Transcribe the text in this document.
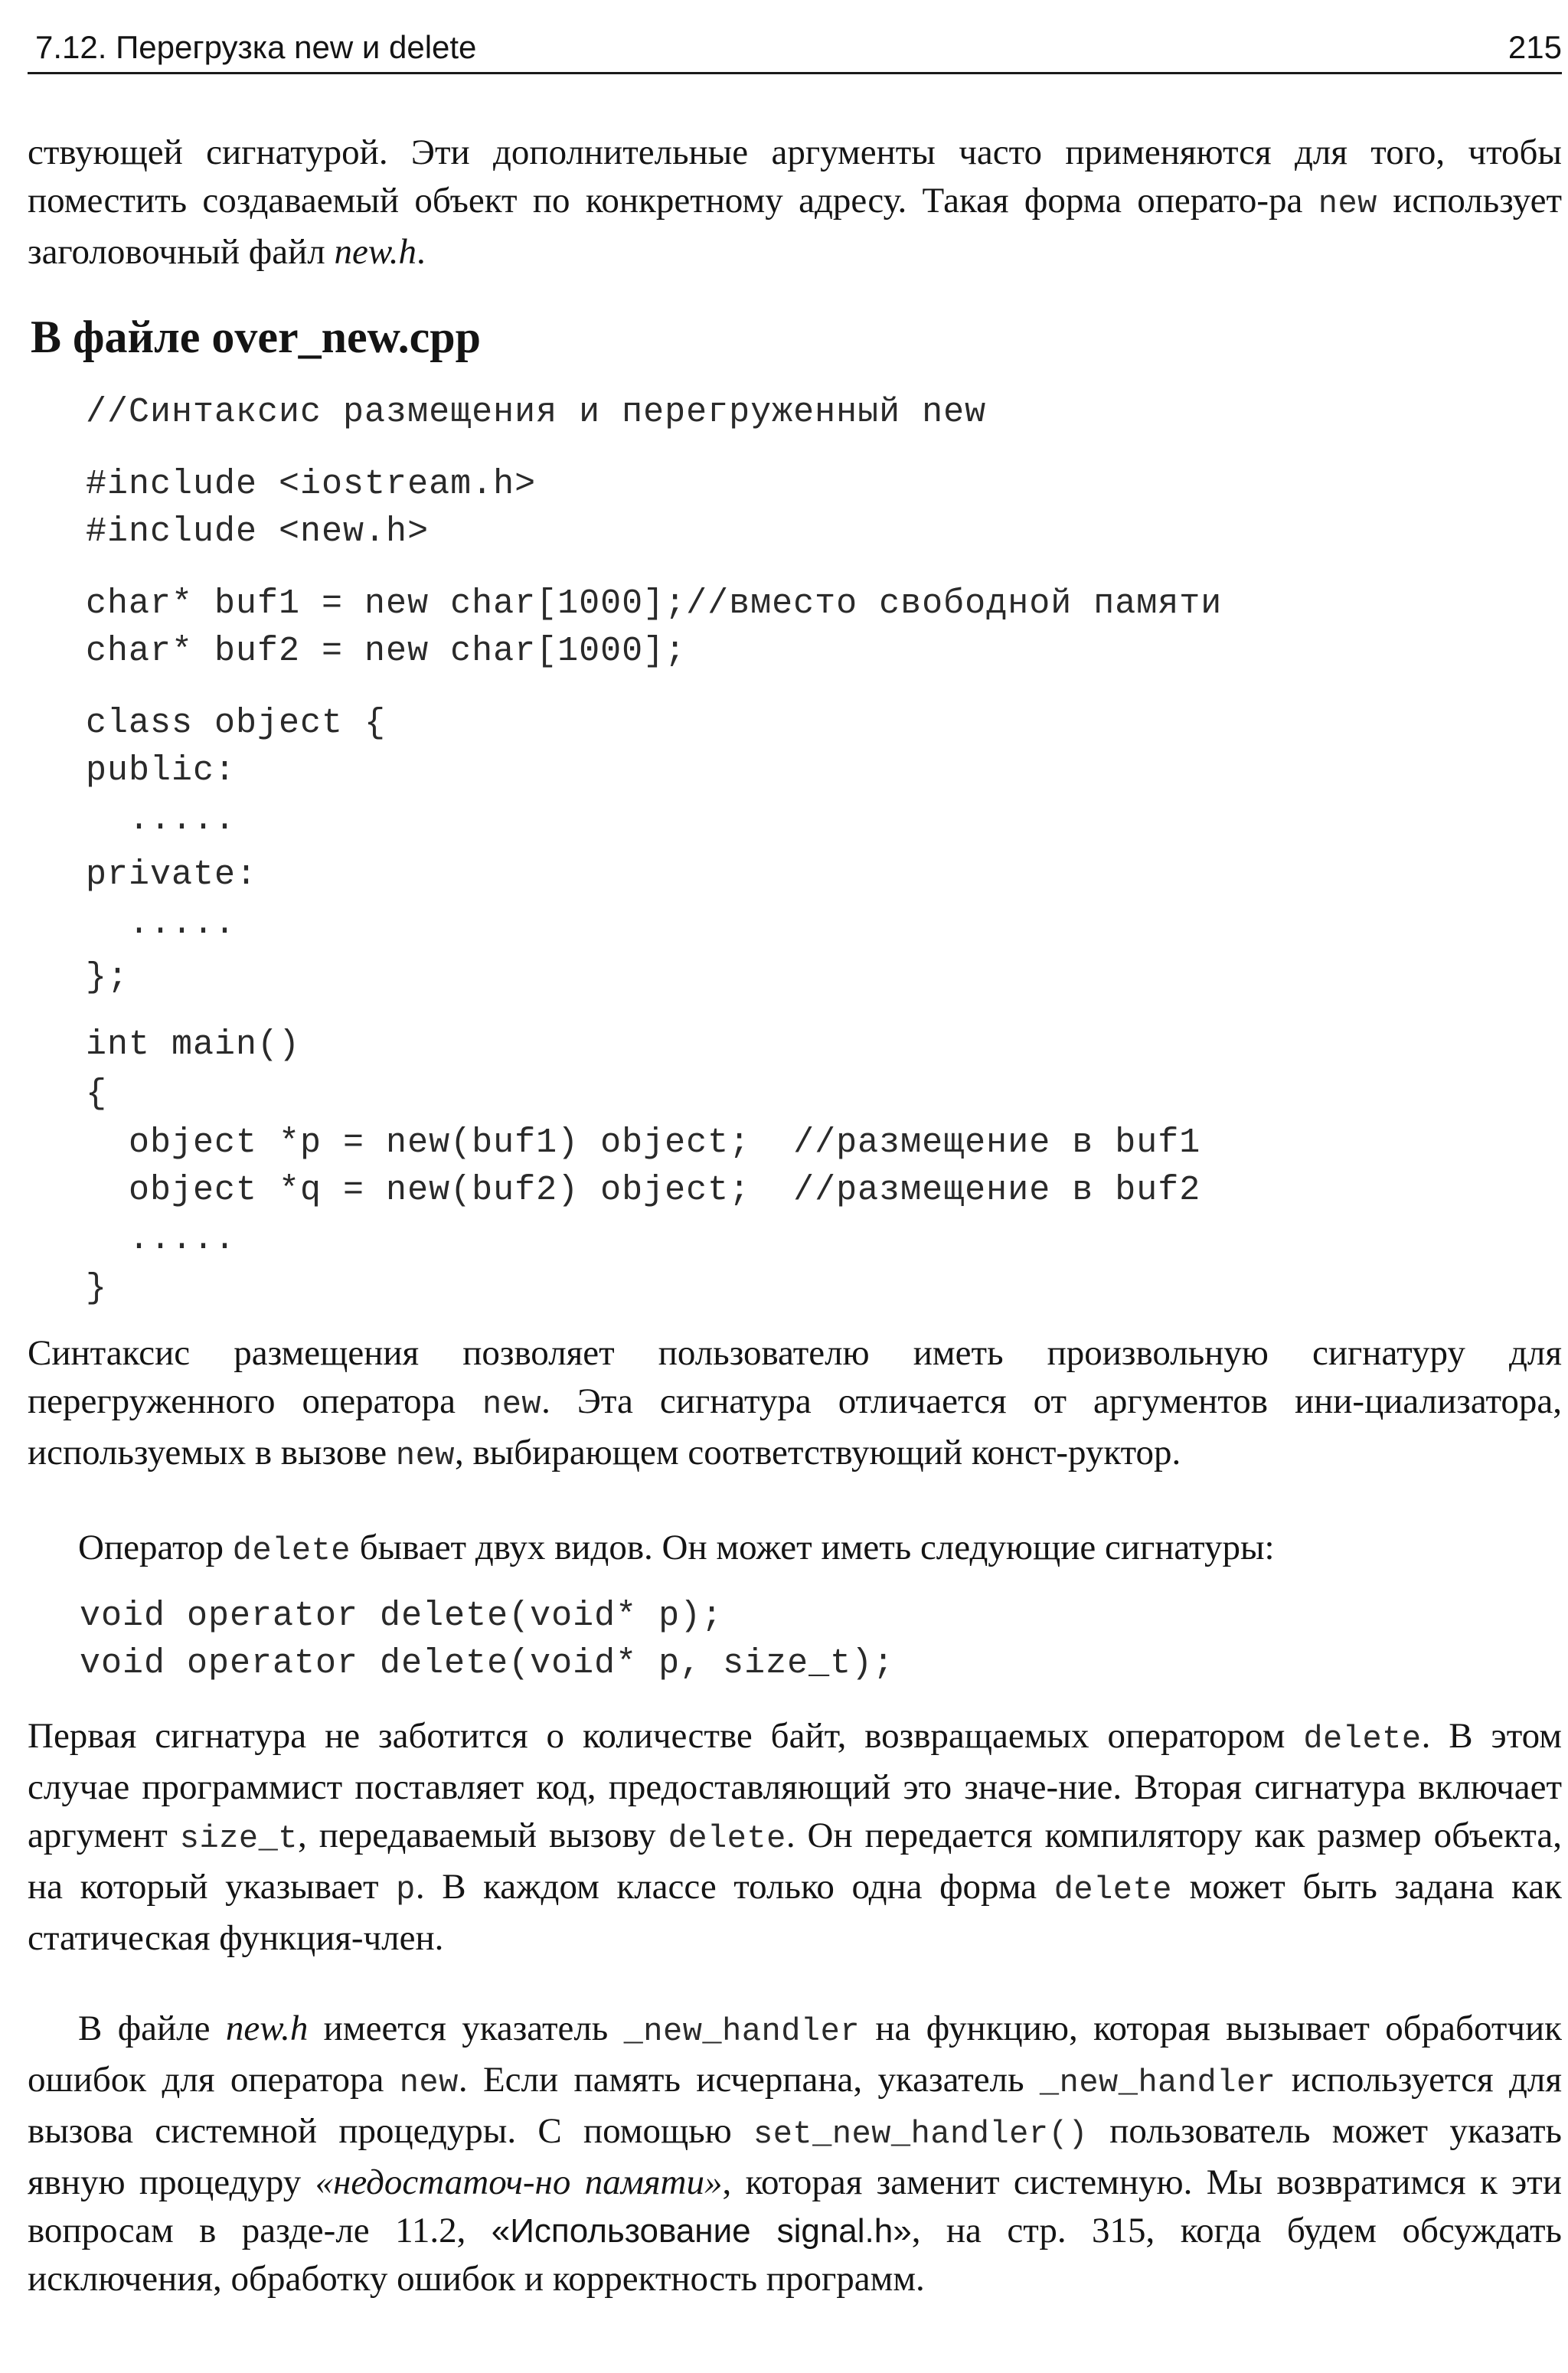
7.12. Перегрузка new и delete	215

ствующей сигнатурой. Эти дополнительные аргументы часто применяются для того, чтобы поместить создаваемый объект по конкретному адресу. Такая форма операто-ра new использует заголовочный файл new.h.

В файле over_new.cpp
//Синтаксис размещения и перегруженный new
#include <iostream.h>
#include <new.h>
char* buf1 = new char[1000];//вместо свободной памяти
char* buf2 = new char[1000];
class object {
public:
.....
private:
.....
};
int main()
{
object *p = new(buf1) object;  //размещение в buf1
object *q = new(buf2) object;  //размещение в buf2
.....
}

Синтаксис размещения позволяет пользователю иметь произвольную сигнатуру для перегруженного оператора new. Эта сигнатура отличается от аргументов ини-циализатора, используемых в вызове new, выбирающем соответствующий конст-руктор.

Оператор delete бывает двух видов. Он может иметь следующие сигнатуры:

void operator delete(void* p);
void operator delete(void* p, size_t);

Первая сигнатура не заботится о количестве байт, возвращаемых оператором delete. В этом случае программист поставляет код, предоставляющий это значе-ние. Вторая сигнатура включает аргумент size_t, передаваемый вызову delete. Он передается компилятору как размер объекта, на который указывает p. В каждом классе только одна форма delete может быть задана как статическая функция-член.

В файле new.h имеется указатель _new_handler на функцию, которая вызывает обработчик ошибок для оператора new. Если память исчерпана, указатель _new_handler используется для вызова системной процедуры. С помощью set_new_handler() пользователь может указать явную процедуру «недостаточ-но памяти», которая заменит системную. Мы возвратимся к эти вопросам в разде-ле 11.2, «Использование signal.h», на стр. 315, когда будем обсуждать исключения, обработку ошибок и корректность программ.
